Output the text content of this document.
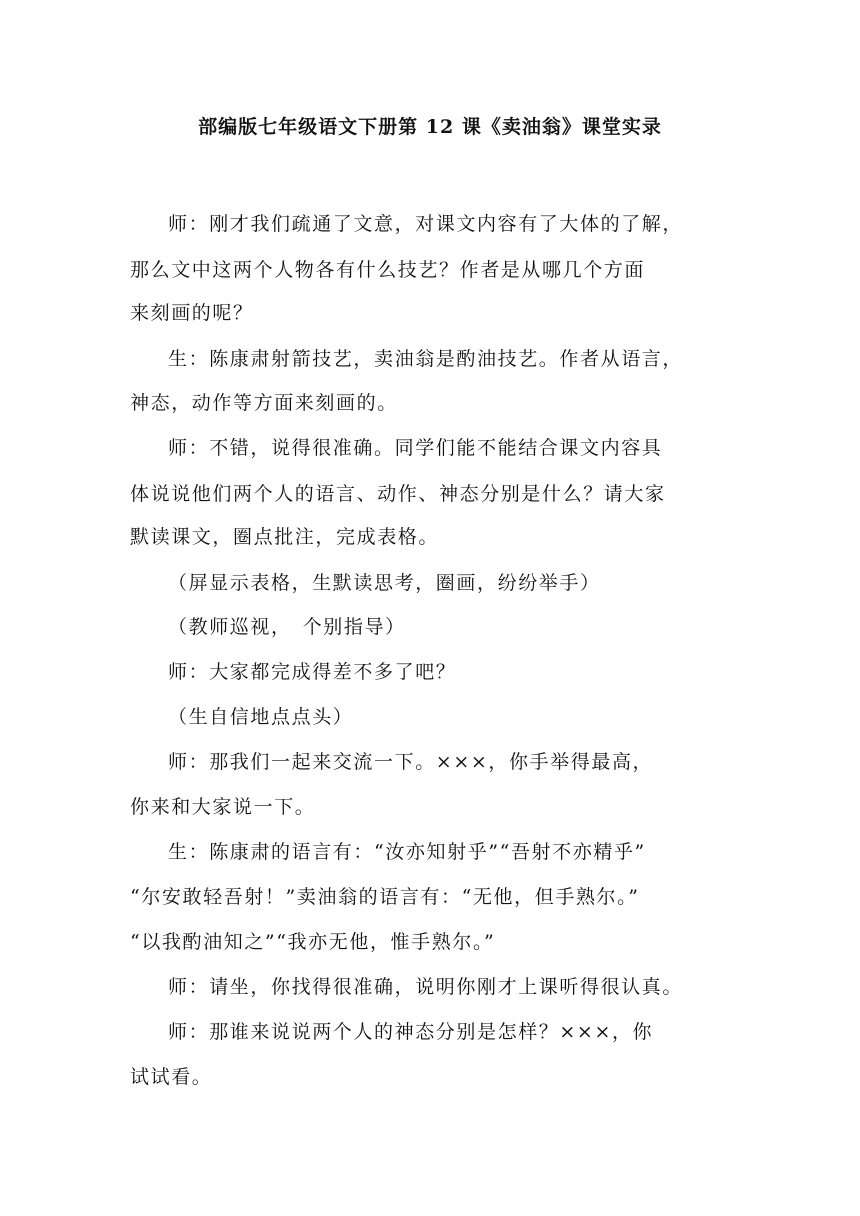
部编版七年级语文下册第 12 课《卖油翁》课堂实录
师：刚才我们疏通了文意，对课文内容有了大体的了解，
那么文中这两个人物各有什么技艺？作者是从哪几个方面
来刻画的呢？
生：陈康肃射箭技艺，卖油翁是酌油技艺。作者从语言，
神态，动作等方面来刻画的。
师：不错，说得很准确。同学们能不能结合课文内容具
体说说他们两个人的语言、动作、神态分别是什么？请大家
默读课文，圈点批注，完成表格。
（屏显示表格，生默读思考，圈画，纷纷举手）
（教师巡视，　个别指导）
师：大家都完成得差不多了吧？
（生自信地点点头）
师：那我们一起来交流一下。×××，你手举得最高，
你来和大家说一下。
生：陈康肃的语言有：“汝亦知射乎”“吾射不亦精乎”
“尔安敢轻吾射！”卖油翁的语言有：“无他，但手熟尔。”
“以我酌油知之”“我亦无他，惟手熟尔。”
师：请坐，你找得很准确，说明你刚才上课听得很认真。
师：那谁来说说两个人的神态分别是怎样？×××，你
试试看。
